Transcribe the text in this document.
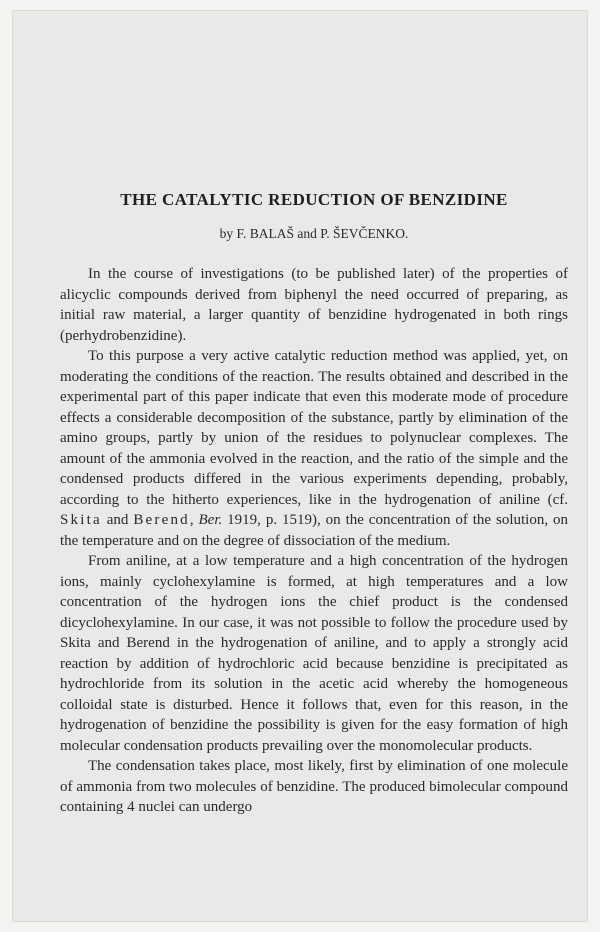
THE CATALYTIC REDUCTION OF BENZIDINE

by F. BALAŠ and P. ŠEVČENKO.

In the course of investigations (to be published later) of the properties of alicyclic compounds derived from biphenyl the need occurred of preparing, as initial raw material, a larger quantity of benzidine hydrogenated in both rings (perhydrobenzidine).

To this purpose a very active catalytic reduction method was applied, yet, on moderating the conditions of the reaction. The results obtained and described in the experimental part of this paper indicate that even this moderate mode of procedure effects a considerable decomposition of the substance, partly by elimination of the amino groups, partly by union of the residues to polynuclear complexes. The amount of the ammonia evolved in the reaction, and the ratio of the simple and the condensed products differed in the various experiments depending, probably, according to the hitherto experiences, like in the hydrogenation of aniline (cf. Skita and Berend, Ber. 1919, p. 1519), on the concentration of the solution, on the temperature and on the degree of dissociation of the medium.

From aniline, at a low temperature and a high concentration of the hydrogen ions, mainly cyclohexylamine is formed, at high temperatures and a low concentration of the hydrogen ions the chief product is the condensed dicyclohexylamine. In our case, it was not possible to follow the procedure used by Skita and Berend in the hydrogenation of aniline, and to apply a strongly acid reaction by addition of hydrochloric acid because benzidine is precipitated as hydrochloride from its solution in the acetic acid whereby the homogeneous colloidal state is disturbed. Hence it follows that, even for this reason, in the hydrogenation of benzidine the possibility is given for the easy formation of high molecular condensation products prevailing over the monomolecular products.

The condensation takes place, most likely, first by elimination of one molecule of ammonia from two molecules of benzidine. The produced bimolecular compound containing 4 nuclei can undergo
